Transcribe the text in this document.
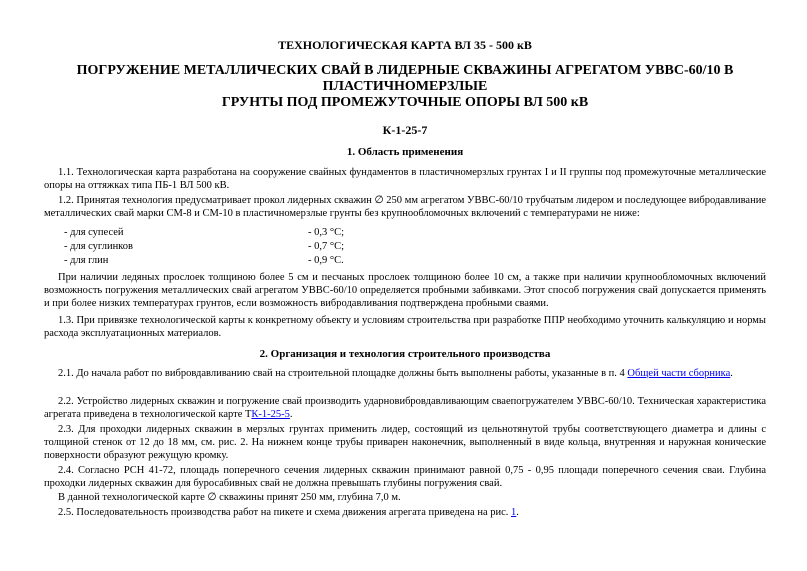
ТЕХНОЛОГИЧЕСКАЯ КАРТА ВЛ 35 - 500 кВ
ПОГРУЖЕНИЕ МЕТАЛЛИЧЕСКИХ СВАЙ В ЛИДЕРНЫЕ СКВАЖИНЫ АГРЕГАТОМ УВВС-60/10 В
ПЛАСТИЧНОМЕРЗЛЫЕ
ГРУНТЫ ПОД ПРОМЕЖУТОЧНЫЕ ОПОРЫ ВЛ 500 кВ
К-1-25-7
1. Область применения
1.1. Технологическая карта разработана на сооружение свайных фундаментов в пластичномерзлых грунтах I и II группы под промежуточные металлические опоры на оттяжках типа ПБ-1 ВЛ 500 кВ.
1.2. Принятая технология предусматривает прокол лидерных скважин ∅ 250 мм агрегатом УВВС-60/10 трубчатым лидером и последующее вибродавливание металлических свай марки СМ-8 и СМ-10 в пластичномерзлые грунты без крупнообломочных включений с температурами не ниже:
- для супесей	- 0,3 °C;
- для суглинков	- 0,7 °C;
- для глин	- 0,9 °C.
При наличии ледяных прослоек толщиною более 5 см и песчаных прослоек толщиною более 10 см, а также при наличии крупнообломочных включений возможность погружения металлических свай агрегатом УВВС-60/10 определяется пробными забивками. Этот способ погружения свай допускается применять и при более низких температурах грунтов, если возможность вибродавливания подтверждена пробными сваями.
1.3. При привязке технологической карты к конкретному объекту и условиям строительства при разработке ППР необходимо уточнить калькуляцию и нормы расхода эксплуатационных материалов.
2. Организация и технология строительного производства
2.1. До начала работ по вибровдавливанию свай на строительной площадке должны быть выполнены работы, указанные в п. 4 Общей части сборника.
2.2. Устройство лидерных скважин и погружение свай производить ударновибровдавливающим сваепогружателем УВВС-60/10. Техническая характеристика агрегата приведена в технологической карте ТК-1-25-5.
2.3. Для проходки лидерных скважин в мерзлых грунтах применить лидер, состоящий из цельнотянутой трубы соответствующего диаметра и длины с толщиной стенок от 12 до 18 мм, см. рис. 2. На нижнем конце трубы приварен наконечник, выполненный в виде кольца, внутренняя и наружная конические поверхности образуют режущую кромку.
2.4. Согласно РСН 41-72, площадь поперечного сечения лидерных скважин принимают равной 0,75 - 0,95 площади поперечного сечения сваи. Глубина проходки лидерных скважин для буросабивных свай не должна превышать глубины погружения свай.
В данной технологической карте ∅ скважины принят 250 мм, глубина 7,0 м.
2.5. Последовательность производства работ на пикете и схема движения агрегата приведена на рис. 1.
